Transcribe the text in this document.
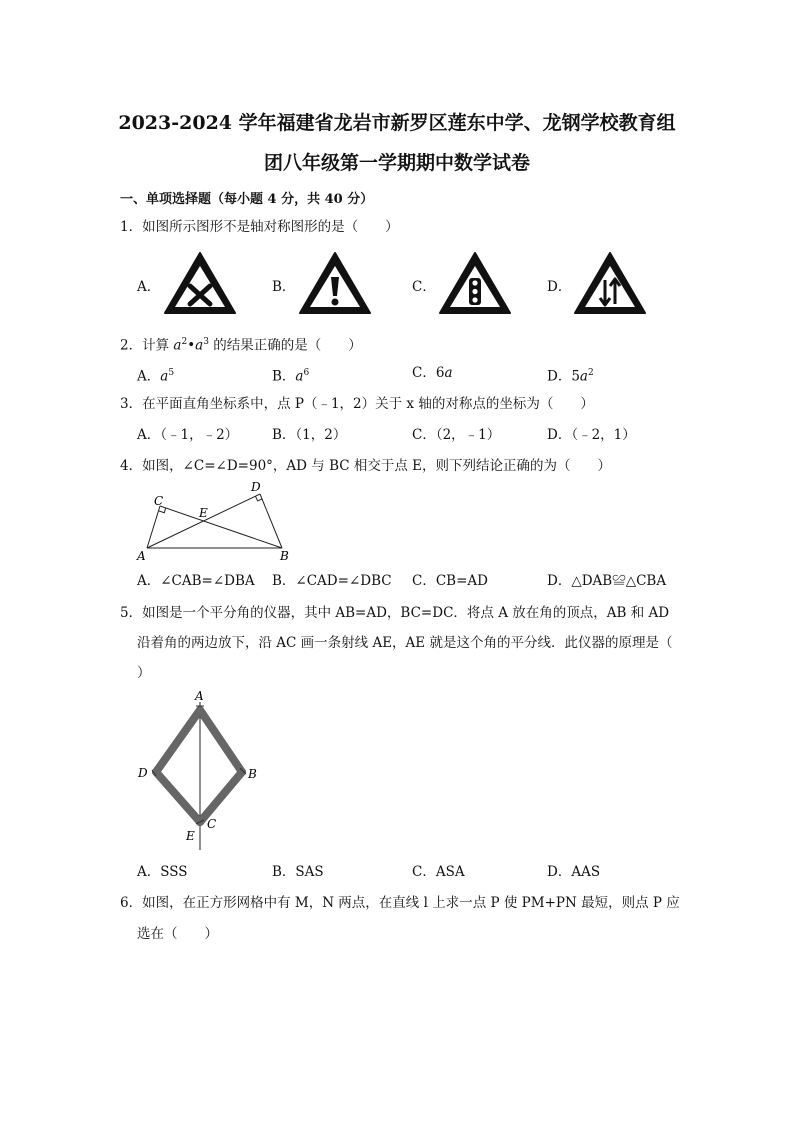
2023-2024 学年福建省龙岩市新罗区莲东中学、龙钢学校教育组
团八年级第一学期期中数学试卷
一、单项选择题（每小题 4 分，共 40 分）
1．如图所示图形不是轴对称图形的是（　　）
A．	B．	C．	D．
2．计算 $a^2•a^3$ 的结果正确的是（　　）
A．$a^5$	B．$a^6$	C．6a	D．$5a^2$
3．在平面直角坐标系中，点 P（﹣1，2）关于 x 轴的对称点的坐标为（　　）
A．（﹣1，﹣2）	B．（1，2）	C．（2，﹣1）	D．（﹣2，1）
4．如图，∠C=∠D=90°，AD 与 BC 相交于点 E，则下列结论正确的为（　　）
C
D
E
A	B
A．∠CAB=∠DBA B．∠CAD=∠DBC C．CB=AD	D．△DAB≌△CBA
5．如图是一个平分角的仪器，其中 AB=AD，BC=DC．将点 A 放在角的顶点，AB 和 AD
沿着角的两边放下，沿 AC 画一条射线 AE，AE 就是这个角的平分线．此仪器的原理是（
）
A
B
C
D
E
A．SSS	B．SAS	C．ASA	D．AAS
6．如图，在正方形网格中有 M，N 两点，在直线 l 上求一点 P 使 PM+PN 最短，则点 P 应
选在（　　）
